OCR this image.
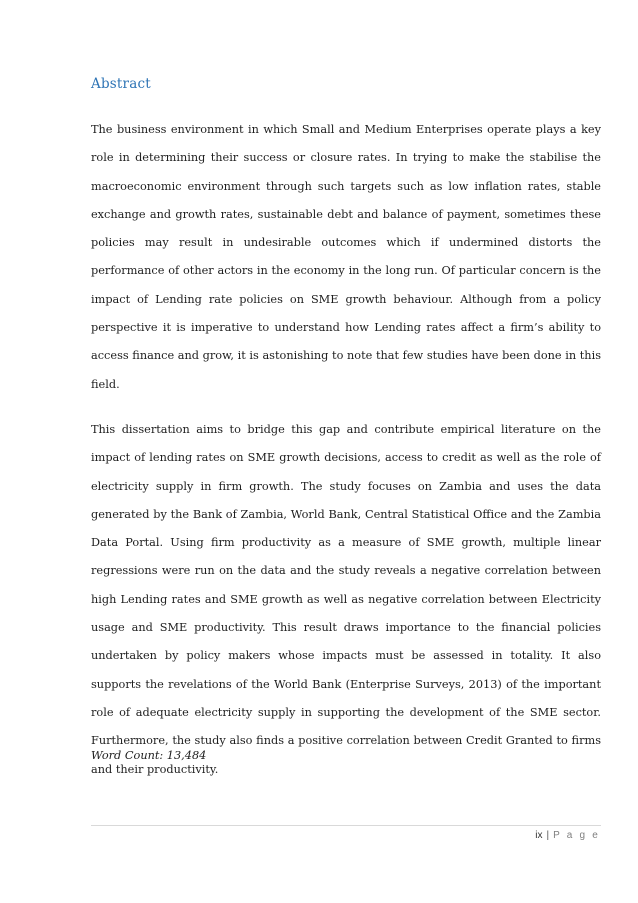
Abstract

The business environment in which Small and Medium Enterprises operate plays a key role in determining their success or closure rates. In trying to make the stabilise the macroeconomic environment through such targets such as low inflation rates, stable exchange and growth rates, sustainable debt and balance of payment, sometimes these policies may result in undesirable outcomes which if undermined distorts the performance of other actors in the economy in the long run. Of particular concern is the impact of Lending rate policies on SME growth behaviour. Although from a policy perspective it is imperative to understand how Lending rates affect a firm’s ability to access finance and grow, it is astonishing to note that few studies have been done in this field.

This dissertation aims to bridge this gap and contribute empirical literature on the impact of lending rates on SME growth decisions, access to credit as well as the role of electricity supply in firm growth. The study focuses on Zambia and uses the data generated by the Bank of Zambia, World Bank, Central Statistical Office and the Zambia Data Portal. Using firm productivity as a measure of SME growth, multiple linear regressions were run on the data and the study reveals a negative correlation between high Lending rates and SME growth as well as negative correlation between Electricity usage and SME productivity. This result draws importance to the financial policies undertaken by policy makers whose impacts must be assessed in totality. It also supports the revelations of the World Bank (Enterprise Surveys, 2013) of the important role of adequate electricity supply in supporting the development of the SME sector. Furthermore, the study also finds a positive correlation between Credit Granted to firms and their productivity.

Word Count: 13,484
ix | P a g e
